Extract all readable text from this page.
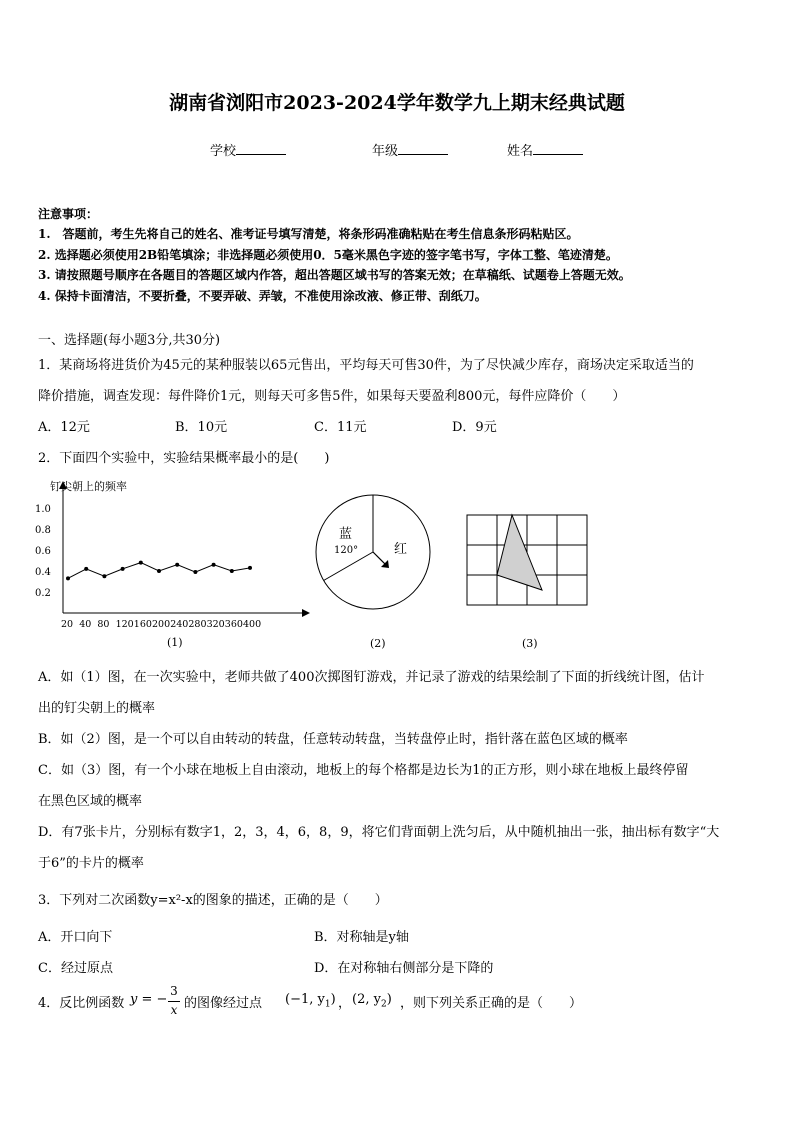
湖南省浏阳市2023-2024学年数学九上期末经典试题
学校	年级	姓名
注意事项：
1.　答题前，考生先将自己的姓名、准考证号填写清楚，将条形码准确粘贴在考生信息条形码粘贴区。
2. 选择题必须使用2B铅笔填涂；非选择题必须使用0．5毫米黑色字迹的签字笔书写，字体工整、笔迹清楚。
3. 请按照题号顺序在各题目的答题区域内作答，超出答题区域书写的答案无效；在草稿纸、试题卷上答题无效。
4. 保持卡面清洁，不要折叠，不要弄破、弄皱，不准使用涂改液、修正带、刮纸刀。
一、选择题(每小题3分,共30分)
1．某商场将进货价为45元的某种服装以65元售出，平均每天可售30件，为了尽快减少库存，商场决定采取适当的
降价措施，调查发现：每件降价1元，则每天可多售5件，如果每天要盈利800元，每件应降价（　　）
A．12元	B．10元	C．11元	D．9元
2．下面四个实验中，实验结果概率最小的是(　　)
钉尖朝上的频率
0.2
0.4
0.6
0.8
1.0
20 40 80 120 160 200 240 280 320 360 400
(1)
蓝
120°	红
(2)	(3)
A．如（1）图，在一次实验中，老师共做了400次掷图钉游戏，并记录了游戏的结果绘制了下面的折线统计图，估计
出的钉尖朝上的概率
B．如（2）图，是一个可以自由转动的转盘，任意转动转盘，当转盘停止时，指针落在蓝色区域的概率
C．如（3）图，有一个小球在地板上自由滚动，地板上的每个格都是边长为1的正方形，则小球在地板上最终停留
在黑色区域的概率
D．有7张卡片，分别标有数字1，2，3，4，6，8，9，将它们背面朝上洗匀后，从中随机抽出一张，抽出标有数字“大
于6”的卡片的概率
3．下列对二次函数y=x²-x的图象的描述，正确的是（　　）
A．开口向下	B．对称轴是y轴
C．经过原点	D．在对称轴右侧部分是下降的
4．反比例函数 y = −
3
x 的图像经过点 (−1, $y_1$) ， (2, $y_2$) ，则下列关系正确的是（　　）
